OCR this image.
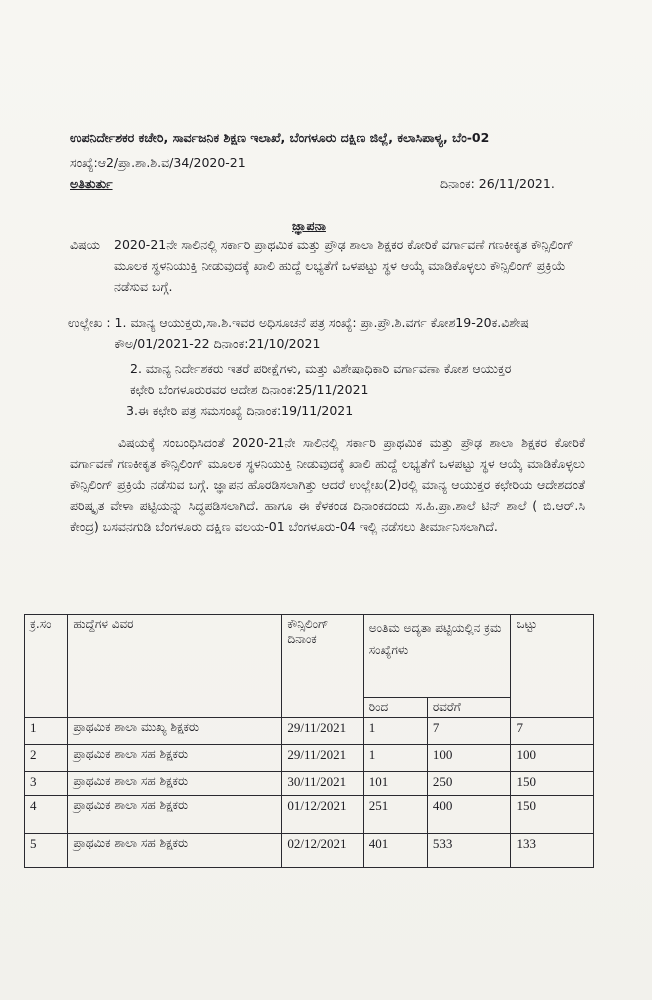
ಉಪನಿರ್ದೇಶಕರ ಕಚೇರಿ, ಸಾರ್ವಜನಿಕ ಶಿಕ್ಷಣ ಇಲಾಖೆ, ಬೆಂಗಳೂರು ದಕ್ಷಿಣ ಜಿಲ್ಲೆ, ಕಲಾಸಿಪಾಳ್ಯ, ಬೆಂ-02
ಸಂಖ್ಯೆ:ಆ2/ಪ್ರಾ.ಶಾ.ಶಿ.ವ/34/2020-21
ಅತಿತುರ್ತು	ದಿನಾಂಕ: 26/11/2021.
ಜ್ಞಾಪನಾ
ವಿಷಯ 2020-21ನೇ ಸಾಲಿನಲ್ಲಿ ಸರ್ಕಾರಿ ಪ್ರಾಥಮಿಕ ಮತ್ತು ಪ್ರೌಢ ಶಾಲಾ ಶಿಕ್ಷಕರ ಕೋರಿಕೆ ವರ್ಗಾವಣೆ ಗಣಕೀಕೃತ ಕೌನ್ಸಿಲಿಂಗ್ ಮೂಲಕ ಸ್ಥಳನಿಯುಕ್ತಿ ನೀಡುವುದಕ್ಕೆ ಖಾಲಿ ಹುದ್ದೆ ಲಭ್ಯತೆಗೆ ಒಳಪಟ್ಟು ಸ್ಥಳ ಆಯ್ಕೆ ಮಾಡಿಕೊಳ್ಳಲು ಕೌನ್ಸಿಲಿಂಗ್ ಪ್ರಕ್ರಿಯೆ ನಡೆಸುವ ಬಗ್ಗೆ.
ಉಲ್ಲೇಖ : 1. ಮಾನ್ಯ ಆಯುಕ್ತರು,ಸಾ.ಶಿ.ಇವರ ಅಧಿಸೂಚನೆ ಪತ್ರ ಸಂಖ್ಯೆ: ಪ್ರಾ.ಪ್ರೌ.ಶಿ.ವರ್ಗ ಕೋಶ19-20ಕ.ವಿಶೇಷ ಕೌಅ/01/2021-22 ದಿನಾಂಕ:21/10/2021
2. ಮಾನ್ಯ ನಿರ್ದೇಶಕರು ಇತರೆ ಪರೀಕ್ಷೆಗಳು, ಮತ್ತು ವಿಶೇಷಾಧಿಕಾರಿ ವರ್ಗಾವಣಾ ಕೋಶ ಆಯುಕ್ತರ ಕಛೇರಿ ಬೆಂಗಳೂರುರವರ ಆದೇಶ ದಿನಾಂಕ:25/11/2021
3.ಈ ಕಛೇರಿ ಪತ್ರ ಸಮಸಂಖ್ಯೆ ದಿನಾಂಕ:19/11/2021
ವಿಷಯಕ್ಕೆ ಸಂಬಂಧಿಸಿದಂತೆ 2020-21ನೇ ಸಾಲಿನಲ್ಲಿ ಸರ್ಕಾರಿ ಪ್ರಾಥಮಿಕ ಮತ್ತು ಪ್ರೌಢ ಶಾಲಾ ಶಿಕ್ಷಕರ ಕೋರಿಕೆ ವರ್ಗಾವಣೆ ಗಣಕೀಕೃತ ಕೌನ್ಸಿಲಿಂಗ್ ಮೂಲಕ ಸ್ಥಳನಿಯುಕ್ತಿ ನೀಡುವುದಕ್ಕೆ ಖಾಲಿ ಹುದ್ದೆ ಲಭ್ಯತೆಗೆ ಒಳಪಟ್ಟು ಸ್ಥಳ ಆಯ್ಕೆ ಮಾಡಿಕೊಳ್ಳಲು ಕೌನ್ಸಿಲಿಂಗ್ ಪ್ರಕ್ರಿಯೆ ನಡೆಸುವ ಬಗ್ಗೆ. ಜ್ಞಾಪನ ಹೊರಡಿಸಲಾಗಿತ್ತು ಆದರೆ ಉಲ್ಲೇಖ(2)ರಲ್ಲಿ ಮಾನ್ಯ ಆಯುಕ್ತರ ಕಛೇರಿಯ ಆದೇಶದಂತೆ ಪರಿಷ್ಕೃತ ವೇಳಾ ಪಟ್ಟಿಯನ್ನು ಸಿದ್ಧಪಡಿಸಲಾಗಿದೆ. ಹಾಗೂ ಈ ಕೆಳಕಂಡ ದಿನಾಂಕದಂದು ಸ.ಹಿ.ಪ್ರಾ.ಶಾಲೆ ಟಿನ್ ಶಾಲೆ ( ಬಿ.ಆರ್.ಸಿ ಕೇಂದ್ರ) ಬಸವನಗುಡಿ ಬೆಂಗಳೂರು ದಕ್ಷಿಣ ವಲಯ-01 ಬೆಂಗಳೂರು-04 ಇಲ್ಲಿ ನಡೆಸಲು ತೀರ್ಮಾನಿಸಲಾಗಿದೆ.
ಕ್ರ.ಸಂ	ಹುದ್ದೆಗಳ ವಿವರ	ಕೌನ್ಸಿಲಿಂಗ್ ದಿನಾಂಕ	ಅಂತಿಮ ಅದ್ಯತಾ ಪಟ್ಟಿಯಲ್ಲಿನ ಕ್ರಮ ಸಂಖ್ಯೆಗಳು		ಒಟ್ಟು
			ರಿಂದ	ರವರೆಗೆ	
1	ಪ್ರಾಥಮಿಕ ಶಾಲಾ ಮುಖ್ಯ ಶಿಕ್ಷಕರು	29/11/2021	1	7	7
2	ಪ್ರಾಥಮಿಕ ಶಾಲಾ ಸಹ ಶಿಕ್ಷಕರು	29/11/2021	1	100	100
3	ಪ್ರಾಥಮಿಕ ಶಾಲಾ ಸಹ ಶಿಕ್ಷಕರು	30/11/2021	101	250	150
4	ಪ್ರಾಥಮಿಕ ಶಾಲಾ ಸಹ ಶಿಕ್ಷಕರು	01/12/2021	251	400	150
5	ಪ್ರಾಥಮಿಕ ಶಾಲಾ ಸಹ ಶಿಕ್ಷಕರು	02/12/2021	401	533	133
